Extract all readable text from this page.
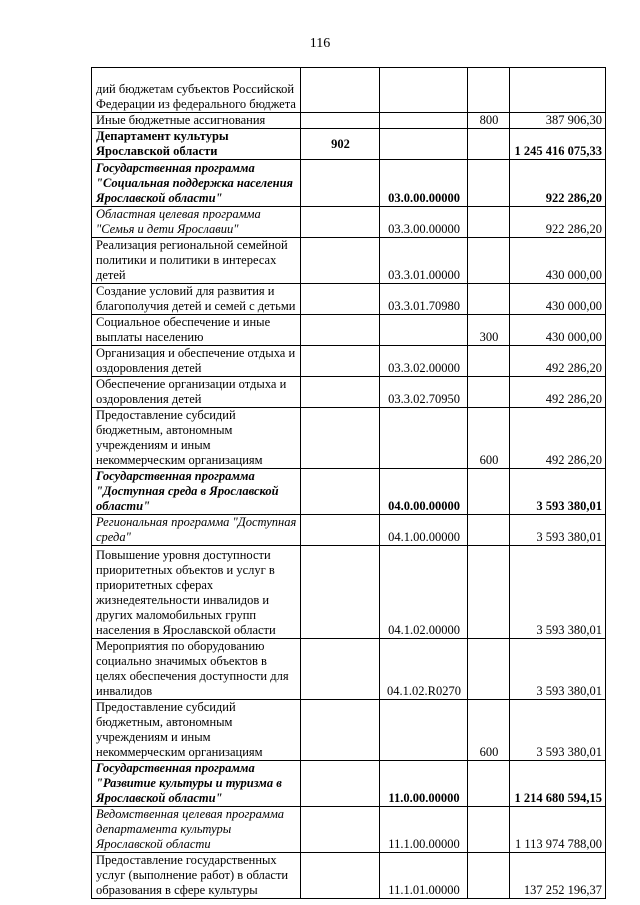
116
дий бюджетам субъектов Российской Федерации из федерального бюджета				
Иные бюджетные ассигнования			800	387 906,30
Департамент культуры Ярославской области	902			1 245 416 075,33
Государственная программа "Социальная поддержка населения Ярославской области"		03.0.00.00000		922 286,20
Областная целевая программа "Семья и дети Ярославии"		03.3.00.00000		922 286,20
Реализация региональной семейной политики и политики в интересах детей		03.3.01.00000		430 000,00
Создание условий для развития и благополучия детей и семей с детьми		03.3.01.70980		430 000,00
Социальное обеспечение и иные выплаты населению			300	430 000,00
Организация и обеспечение отдыха и оздоровления детей		03.3.02.00000		492 286,20
Обеспечение организации отдыха и оздоровления детей		03.3.02.70950		492 286,20
Предоставление субсидий бюджетным, автономным учреждениям и иным некоммерческим организациям			600	492 286,20
Государственная программа "Доступная среда в Ярославской области"		04.0.00.00000		3 593 380,01
Региональная программа "Доступная среда"		04.1.00.00000		3 593 380,01
Повышение уровня доступности приоритетных объектов и услуг в приоритетных сферах жизнедеятельности инвалидов и других маломобильных групп населения в Ярославской области		04.1.02.00000		3 593 380,01
Мероприятия по оборудованию социально значимых объектов в целях обеспечения доступности для инвалидов		04.1.02.R0270		3 593 380,01
Предоставление субсидий бюджетным, автономным учреждениям и иным некоммерческим организациям			600	3 593 380,01
Государственная программа "Развитие культуры и туризма в Ярославской области"		11.0.00.00000		1 214 680 594,15
Ведомственная целевая программа департамента культуры Ярославской области		11.1.00.00000		1 113 974 788,00
Предоставление государственных услуг (выполнение работ) в области образования в сфере культуры		11.1.01.00000		137 252 196,37
